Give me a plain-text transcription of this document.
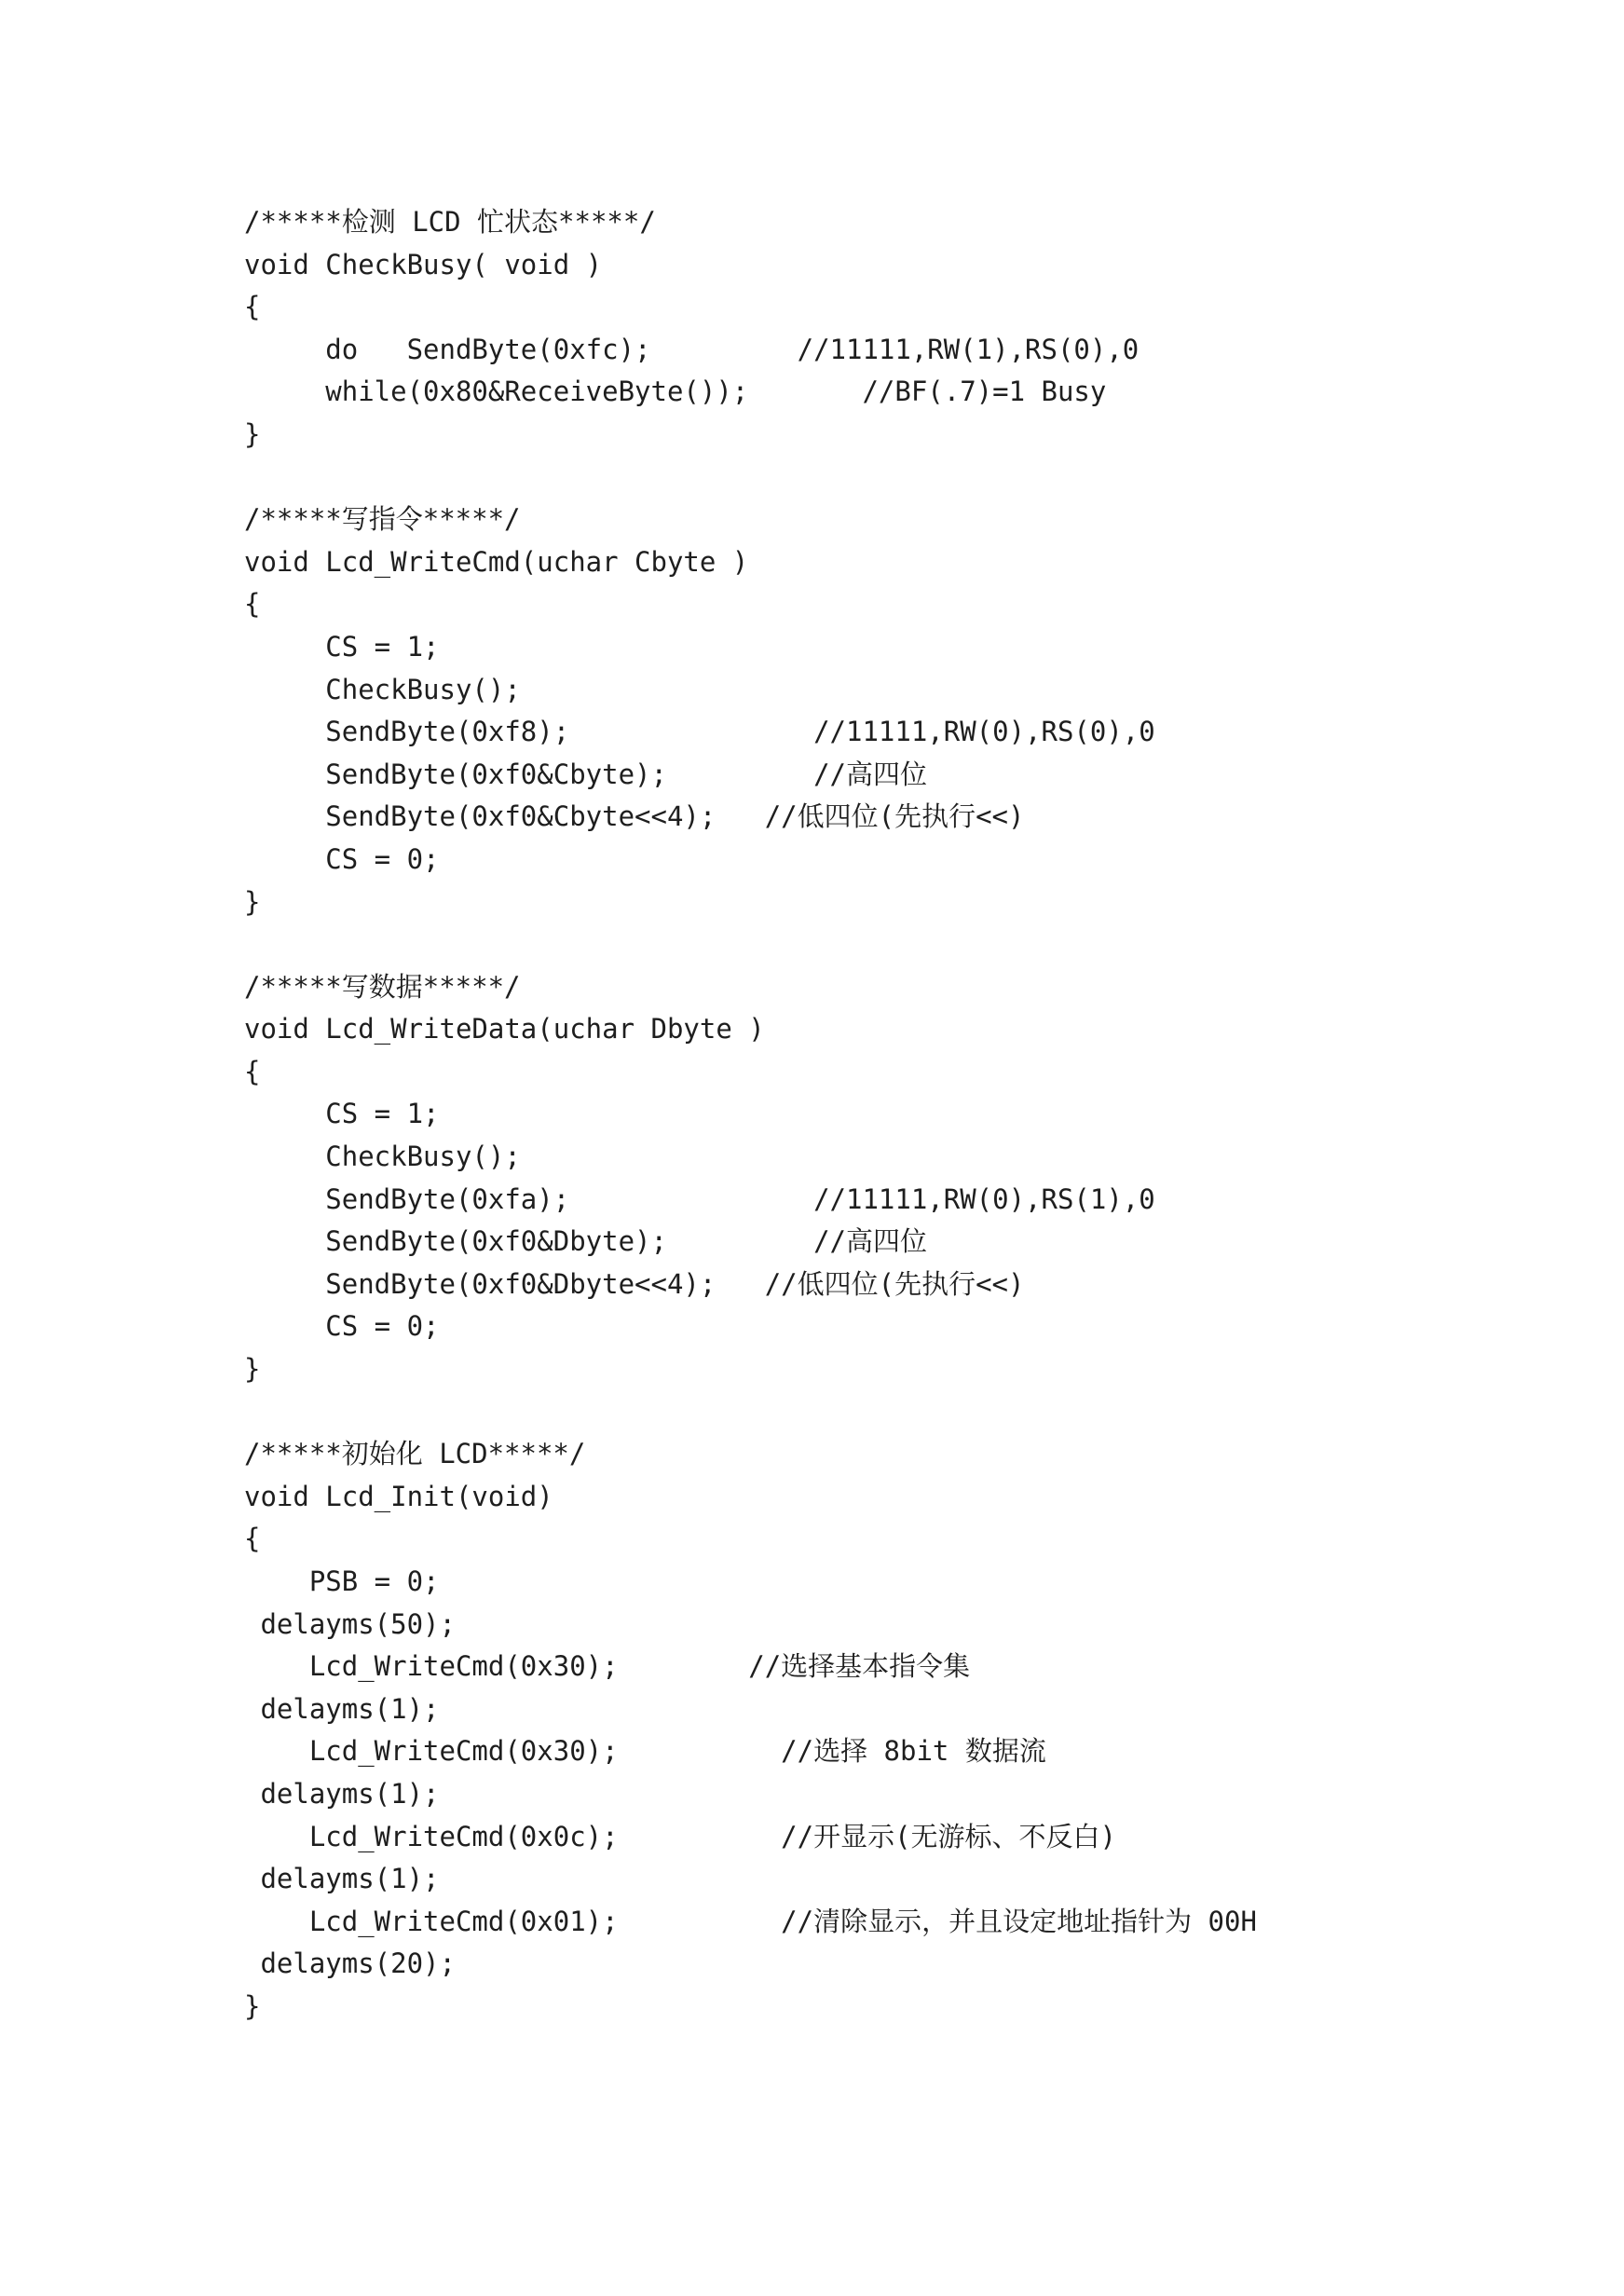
/*****检测 LCD 忙状态*****/
void CheckBusy( void )
{
do   SendByte(0xfc);         //11111,RW(1),RS(0),0
while(0x80&ReceiveByte());       //BF(.7)=1 Busy
}
/*****写指令*****/
void Lcd_WriteCmd(uchar Cbyte )
{
CS = 1;
CheckBusy();
SendByte(0xf8);               //11111,RW(0),RS(0),0
SendByte(0xf0&Cbyte);         //高四位
SendByte(0xf0&Cbyte<<4);   //低四位(先执行<<)
CS = 0;
}
/*****写数据*****/
void Lcd_WriteData(uchar Dbyte )
{
CS = 1;
CheckBusy();
SendByte(0xfa);               //11111,RW(0),RS(1),0
SendByte(0xf0&Dbyte);         //高四位
SendByte(0xf0&Dbyte<<4);   //低四位(先执行<<)
CS = 0;
}
/*****初始化 LCD*****/
void Lcd_Init(void)
{
PSB = 0;
delayms(50);
Lcd_WriteCmd(0x30);        //选择基本指令集
delayms(1);
Lcd_WriteCmd(0x30);          //选择 8bit 数据流
delayms(1);
Lcd_WriteCmd(0x0c);          //开显示(无游标、不反白)
delayms(1);
Lcd_WriteCmd(0x01);          //清除显示，并且设定地址指针为 00H
delayms(20);
}
